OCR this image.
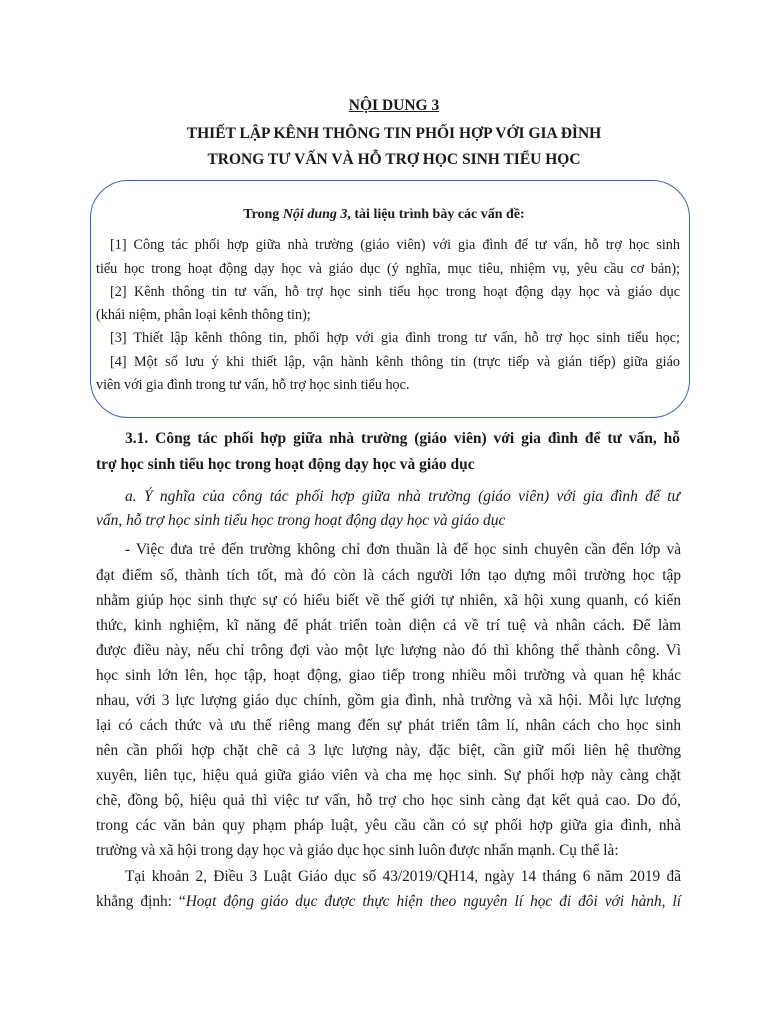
NỘI DUNG 3
THIẾT LẬP KÊNH THÔNG TIN PHỐI HỢP VỚI GIA ĐÌNH
TRONG TƯ VẤN VÀ HỖ TRỢ HỌC SINH TIỂU HỌC
Trong Nội dung 3, tài liệu trình bày các vấn đề:
[1] Công tác phối hợp giữa nhà trường (giáo viên) với gia đình để tư vấn, hỗ trợ học sinh
tiểu học trong hoạt động dạy học và giáo dục (ý nghĩa, mục tiêu, nhiệm vụ, yêu cầu cơ bản);
[2] Kênh thông tin tư vấn, hỗ trợ học sinh tiểu học trong hoạt động dạy học và giáo dục
(khái niệm, phân loại kênh thông tin);
[3] Thiết lập kênh thông tin, phối hợp với gia đình trong tư vấn, hỗ trợ học sinh tiểu học;
[4] Một số lưu ý khi thiết lập, vận hành kênh thông tin (trực tiếp và gián tiếp) giữa giáo
viên với gia đình trong tư vấn, hỗ trợ học sinh tiểu học.
3.1. Công tác phối hợp giữa nhà trường (giáo viên) với gia đình để tư vấn, hỗ
trợ học sinh tiểu học trong hoạt động dạy học và giáo dục
a. Ý nghĩa của công tác phối hợp giữa nhà trường (giáo viên) với gia đình để tư
vấn, hỗ trợ học sinh tiểu học trong hoạt động dạy học và giáo dục
- Việc đưa trẻ đến trường không chỉ đơn thuần là để học sinh chuyên cần đến lớp và
đạt điểm số, thành tích tốt, mà đó còn là cách người lớn tạo dựng môi trường học tập
nhằm giúp học sinh thực sự có hiểu biết về thế giới tự nhiên, xã hội xung quanh, có kiến
thức, kinh nghiệm, kĩ năng để phát triển toàn diện cả về trí tuệ và nhân cách. Để làm
được điều này, nếu chỉ trông đợi vào một lực lượng nào đó thì không thể thành công. Vì
học sinh lớn lên, học tập, hoạt động, giao tiếp trong nhiều môi trường và quan hệ khác
nhau, với 3 lực lượng giáo dục chính, gồm gia đình, nhà trường và xã hội. Mỗi lực lượng
lại có cách thức và ưu thế riêng mang đến sự phát triển tâm lí, nhân cách cho học sinh
nên cần phối hợp chặt chẽ cả 3 lực lượng này, đặc biệt, cần giữ mối liên hệ thường
xuyên, liên tục, hiệu quả giữa giáo viên và cha mẹ học sinh. Sự phối hợp này càng chặt
chẽ, đồng bộ, hiệu quả thì việc tư vấn, hỗ trợ cho học sinh càng đạt kết quả cao. Do đó,
trong các văn bản quy phạm pháp luật, yêu cầu cần có sự phối hợp giữa gia đình, nhà
trường và xã hội trong dạy học và giáo dục học sinh luôn được nhấn mạnh. Cụ thể là:
Tại khoản 2, Điều 3 Luật Giáo dục số 43/2019/QH14, ngày 14 tháng 6 năm 2019 đã
khẳng định: “Hoạt động giáo dục được thực hiện theo nguyên lí học đi đôi với hành, lí
